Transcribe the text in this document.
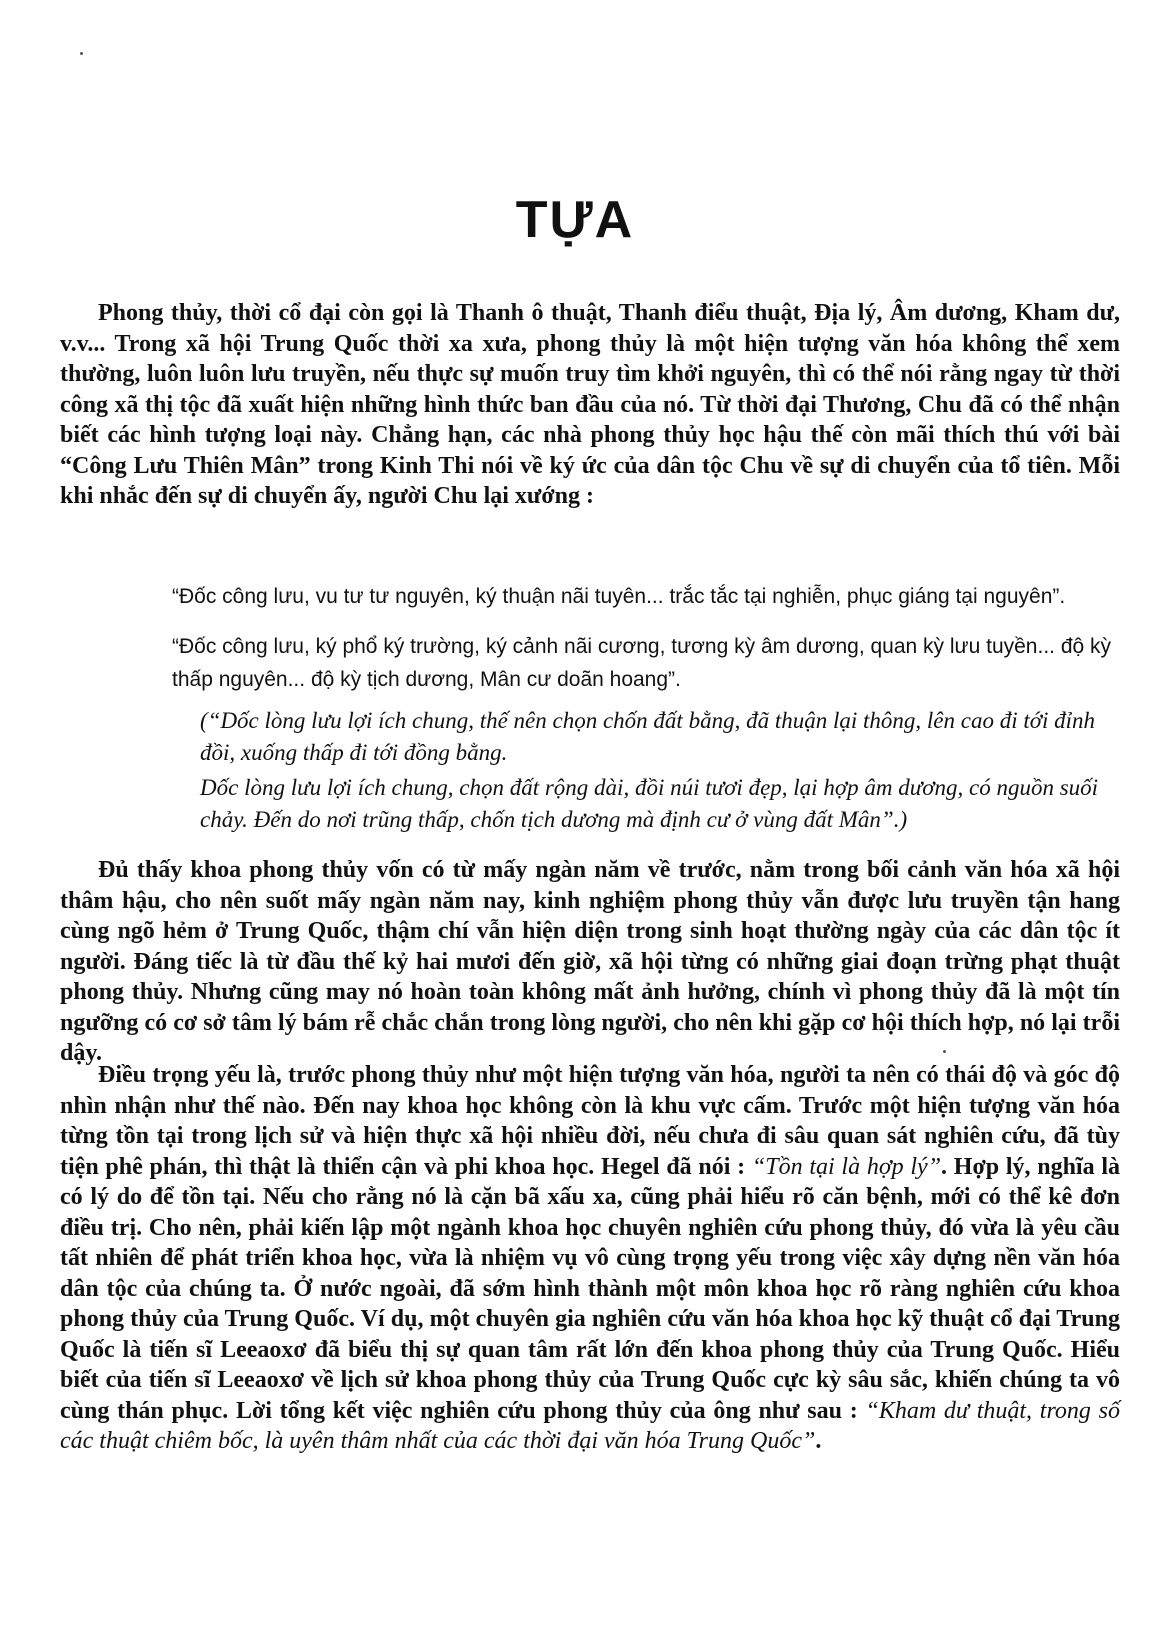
TỰA

Phong thủy, thời cổ đại còn gọi là Thanh ô thuật, Thanh điểu thuật, Địa lý, Âm dương, Kham dư, v.v... Trong xã hội Trung Quốc thời xa xưa, phong thủy là một hiện tượng văn hóa không thể xem thường, luôn luôn lưu truyền, nếu thực sự muốn truy tìm khởi nguyên, thì có thể nói rằng ngay từ thời công xã thị tộc đã xuất hiện những hình thức ban đầu của nó. Từ thời đại Thương, Chu đã có thể nhận biết các hình tượng loại này. Chẳng hạn, các nhà phong thủy học hậu thế còn mãi thích thú với bài “Công Lưu Thiên Mân” trong Kinh Thi nói về ký ức của dân tộc Chu về sự di chuyển của tổ tiên. Mỗi khi nhắc đến sự di chuyển ấy, người Chu lại xướng :

“Đốc công lưu, vu tư tư nguyên, ký thuận nãi tuyên... trắc tắc tại nghiễn, phục giáng tại nguyên”.

“Đốc công lưu, ký phổ ký trường, ký cảnh nãi cương, tương kỳ âm dương, quan kỳ lưu tuyền... độ kỳ thấp nguyên... độ kỳ tịch dương, Mân cư doãn hoang”.

(“Dốc lòng lưu lợi ích chung, thế nên chọn chốn đất bằng, đã thuận lại thông, lên cao đi tới đỉnh đồi, xuống thấp đi tới đồng bằng.

Dốc lòng lưu lợi ích chung, chọn đất rộng dài, đồi núi tươi đẹp, lại hợp âm dương, có nguồn suối chảy. Đến do nơi trũng thấp, chốn tịch dương mà định cư ở vùng đất Mân”.)

Đủ thấy khoa phong thủy vốn có từ mấy ngàn năm về trước, nằm trong bối cảnh văn hóa xã hội thâm hậu, cho nên suốt mấy ngàn năm nay, kinh nghiệm phong thủy vẫn được lưu truyền tận hang cùng ngõ hẻm ở Trung Quốc, thậm chí vẫn hiện diện trong sinh hoạt thường ngày của các dân tộc ít người. Đáng tiếc là từ đầu thế kỷ hai mươi đến giờ, xã hội từng có những giai đoạn trừng phạt thuật phong thủy. Nhưng cũng may nó hoàn toàn không mất ảnh hưởng, chính vì phong thủy đã là một tín ngưỡng có cơ sở tâm lý bám rễ chắc chắn trong lòng người, cho nên khi gặp cơ hội thích hợp, nó lại trỗi dậy.

Điều trọng yếu là, trước phong thủy như một hiện tượng văn hóa, người ta nên có thái độ và góc độ nhìn nhận như thế nào. Đến nay khoa học không còn là khu vực cấm. Trước một hiện tượng văn hóa từng tồn tại trong lịch sử và hiện thực xã hội nhiều đời, nếu chưa đi sâu quan sát nghiên cứu, đã tùy tiện phê phán, thì thật là thiển cận và phi khoa học. Hegel đã nói : “Tồn tại là hợp lý”. Hợp lý, nghĩa là có lý do để tồn tại. Nếu cho rằng nó là cặn bã xấu xa, cũng phải hiểu rõ căn bệnh, mới có thể kê đơn điều trị. Cho nên, phải kiến lập một ngành khoa học chuyên nghiên cứu phong thủy, đó vừa là yêu cầu tất nhiên để phát triển khoa học, vừa là nhiệm vụ vô cùng trọng yếu trong việc xây dựng nền văn hóa dân tộc của chúng ta. Ở nước ngoài, đã sớm hình thành một môn khoa học rõ ràng nghiên cứu khoa phong thủy của Trung Quốc. Ví dụ, một chuyên gia nghiên cứu văn hóa khoa học kỹ thuật cổ đại Trung Quốc là tiến sĩ Leeaoxơ đã biểu thị sự quan tâm rất lớn đến khoa phong thủy của Trung Quốc. Hiểu biết của tiến sĩ Leeaoxơ về lịch sử khoa phong thủy của Trung Quốc cực kỳ sâu sắc, khiến chúng ta vô cùng thán phục. Lời tổng kết việc nghiên cứu phong thủy của ông như sau : “Kham dư thuật, trong số các thuật chiêm bốc, là uyên thâm nhất của các thời đại văn hóa Trung Quốc”.
